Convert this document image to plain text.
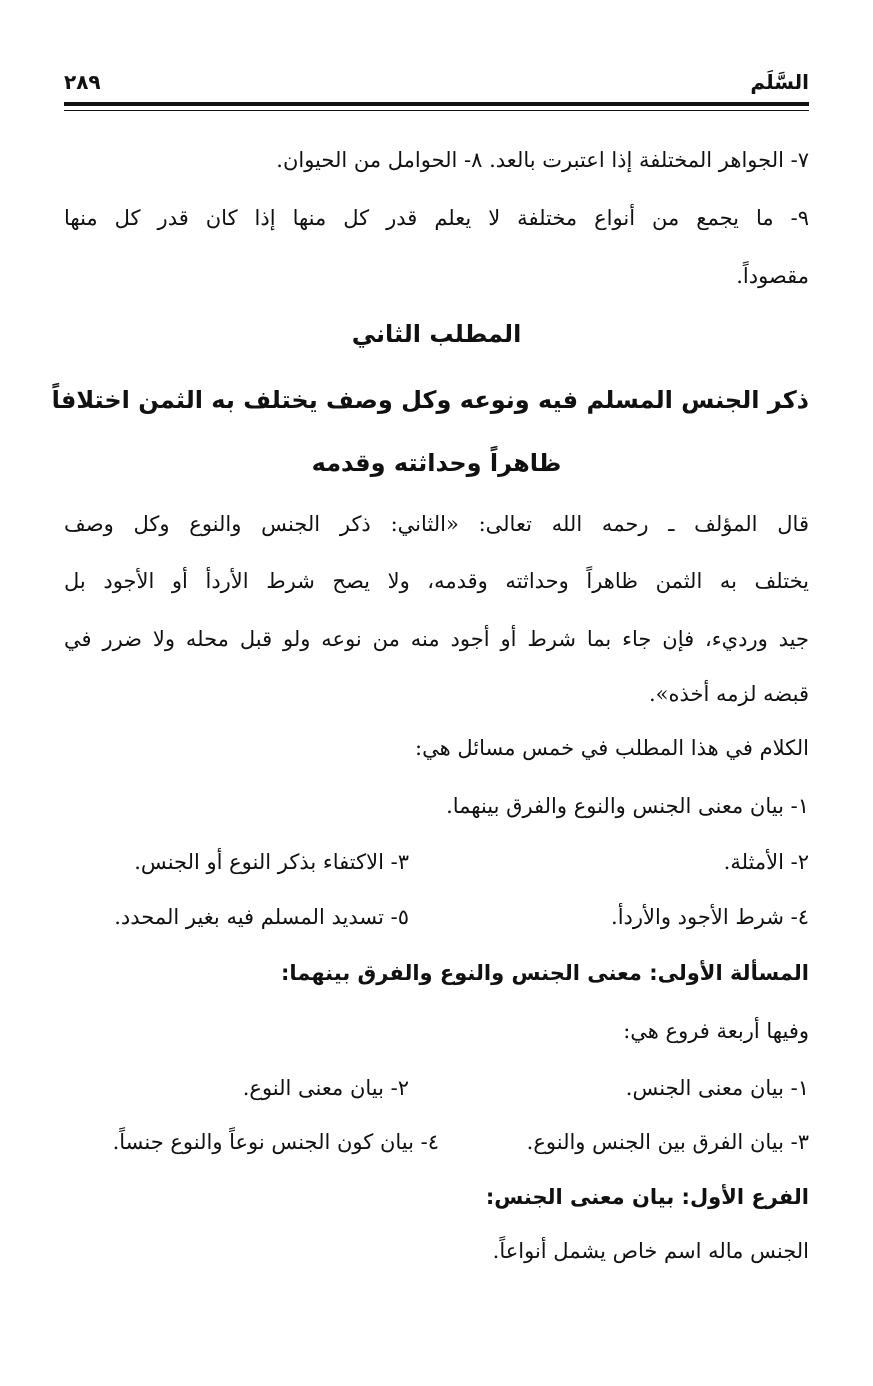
السَّلَم
٢٨٩
٧- الجواهر المختلفة إذا اعتبرت بالعد. ٨- الحوامل من الحيوان.
٩- ما يجمع من أنواع مختلفة لا يعلم قدر كل منها إذا كان قدر كل منها
مقصوداً.
المطلب الثاني
ذكر الجنس المسلم فيه ونوعه وكل وصف يختلف به الثمن اختلافاً
ظاهراً وحداثته وقدمه
قال المؤلف ـ رحمه الله تعالى: «الثاني: ذكر الجنس والنوع وكل وصف
يختلف به الثمن ظاهراً وحداثته وقدمه، ولا يصح شرط الأردأ أو الأجود بل
جيد ورديء، فإن جاء بما شرط أو أجود منه من نوعه ولو قبل محله ولا ضرر في
قبضه لزمه أخذه».
الكلام في هذا المطلب في خمس مسائل هي:
١- بيان معنى الجنس والنوع والفرق بينهما.
٢- الأمثلة.
٣- الاكتفاء بذكر النوع أو الجنس.
٤- شرط الأجود والأردأ.
٥- تسديد المسلم فيه بغير المحدد.
المسألة الأولى: معنى الجنس والنوع والفرق بينهما:
وفيها أربعة فروع هي:
١- بيان معنى الجنس.
٢- بيان معنى النوع.
٣- بيان الفرق بين الجنس والنوع.
٤- بيان كون الجنس نوعاً والنوع جنساً.
الفرع الأول: بيان معنى الجنس:
الجنس ماله اسم خاص يشمل أنواعاً.
